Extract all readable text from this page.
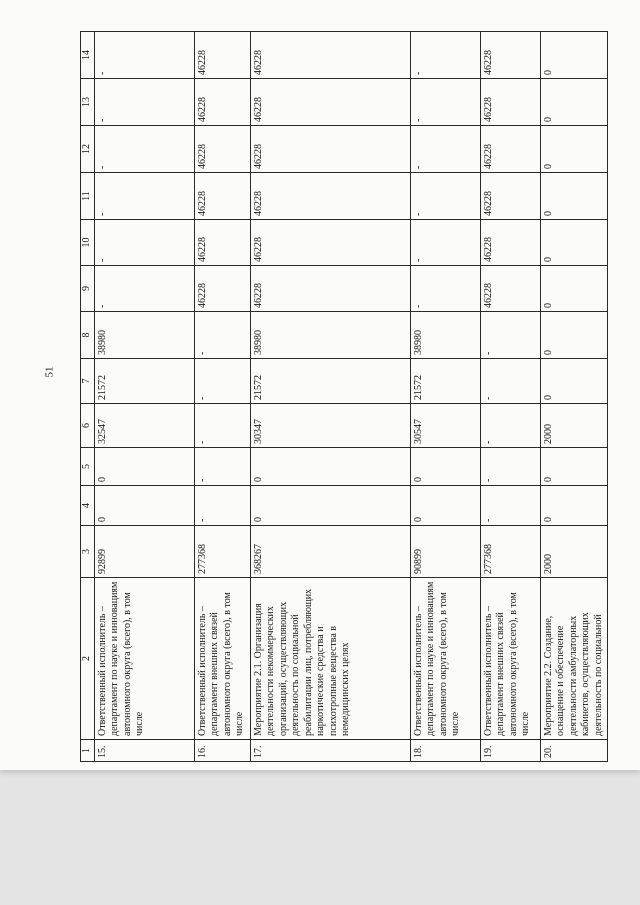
51
1	2	3	4	5	6	7	8	9	10	11	12	13	14
15.	Ответственный исполнитель – департамент по науке и инновациям автономного округа (всего), в том числе	92899	0	0	32547	21572	38980	-	-	-	-	-	-
16.	Ответственный исполнитель – департамент внешних связей автономного округа (всего), в том числе	277368	-	-	-	-	-	46228	46228	46228	46228	46228	46228
17.	Мероприятие 2.1. Организация деятельности некоммерческих организаций, осуществляющих деятельность по социальной реабилитации лиц, потребляющих наркотические средства и психотропные вещества в немедицинских целях	368267	0	0	30347	21572	38980	46228	46228	46228	46228	46228	46228
18.	Ответственный исполнитель – департамент по науке и инновациям автономного округа (всего), в том числе	90899	0	0	30547	21572	38980	-	-	-	-	-	-
19.	Ответственный исполнитель – департамент внешних связей автономного округа (всего), в том числе	277368	-	-	-	-	-	46228	46228	46228	46228	46228	46228
20.	Мероприятие 2.2. Создание, оснащение и обеспечение деятельности амбулаторных кабинетов, осуществляющих деятельность по социальной	2000	0	0	2000	0	0	0	0	0	0	0	0
